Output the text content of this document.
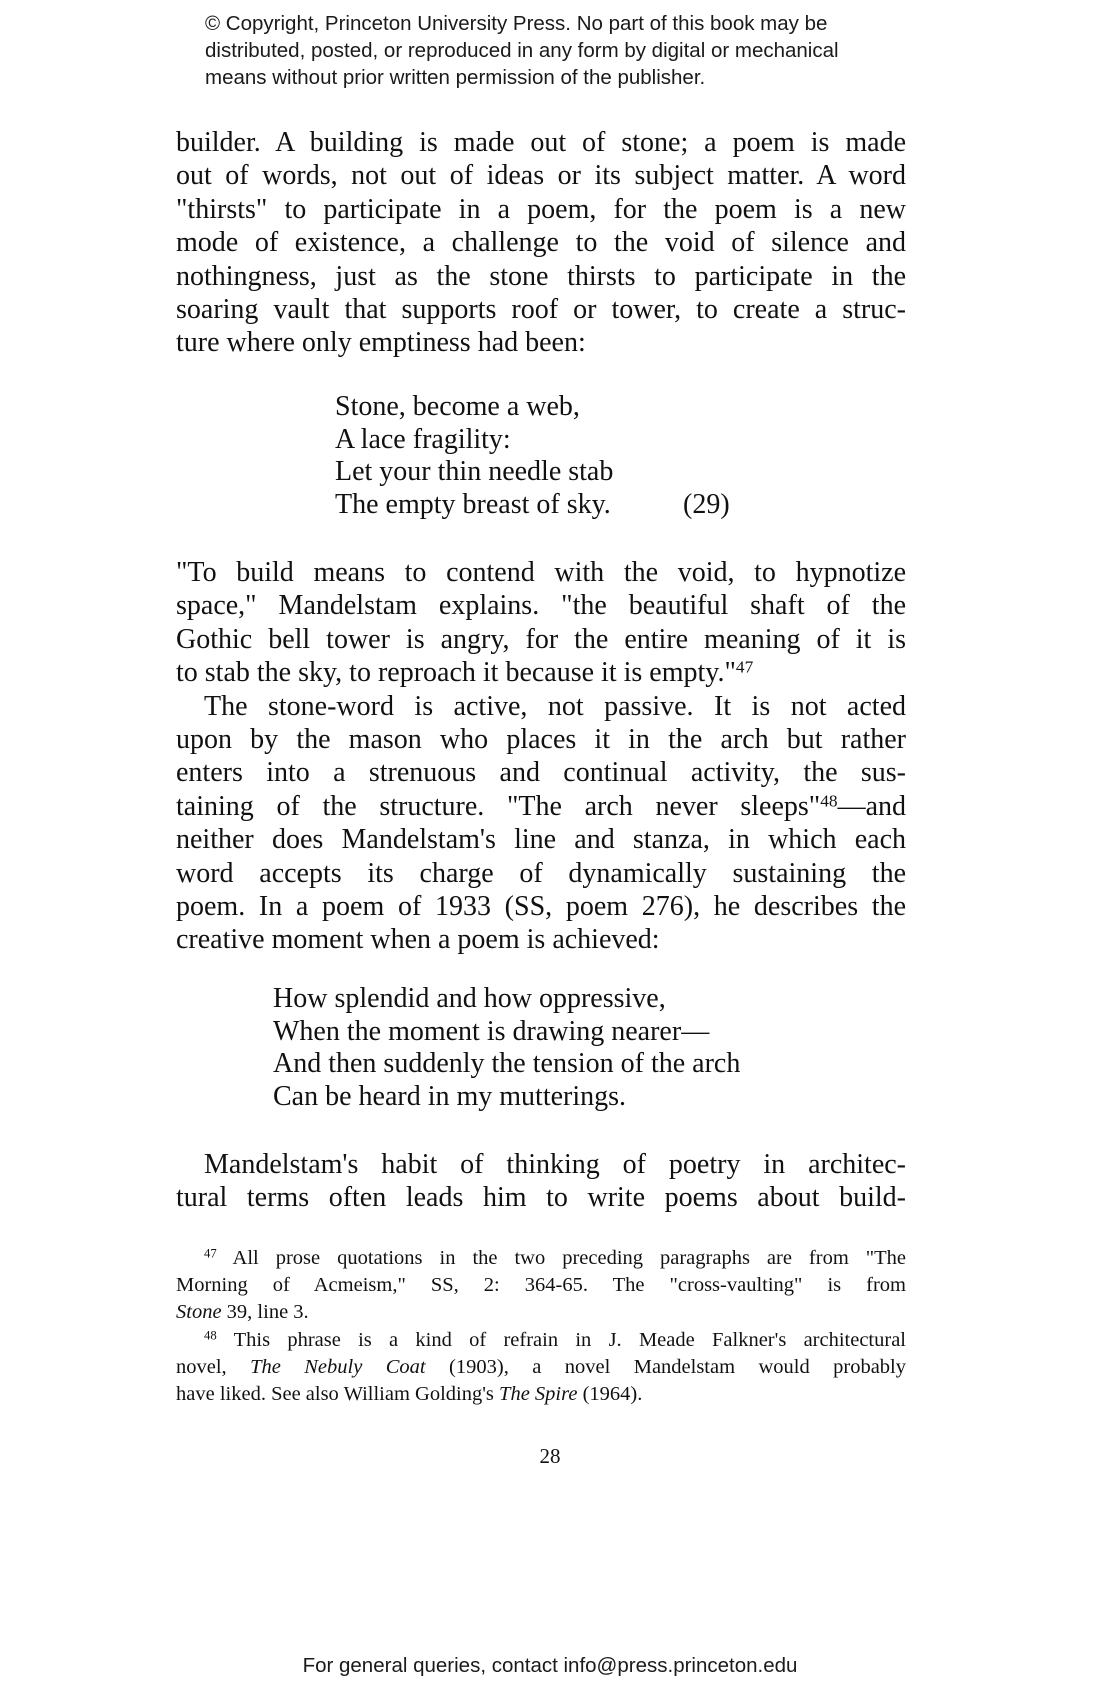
© Copyright, Princeton University Press. No part of this book may be
distributed, posted, or reproduced in any form by digital or mechanical
means without prior written permission of the publisher.
builder. A building is made out of stone; a poem is made
out of words, not out of ideas or its subject matter. A word
"thirsts" to participate in a poem, for the poem is a new
mode of existence, a challenge to the void of silence and
nothingness, just as the stone thirsts to participate in the
soaring vault that supports roof or tower, to create a struc-
ture where only emptiness had been:
Stone, become a web,
A lace fragility:
Let your thin needle stab
The empty breast of sky.	(29)
"To build means to contend with the void, to hypnotize
space," Mandelstam explains. "the beautiful shaft of the
Gothic bell tower is angry, for the entire meaning of it is
to stab the sky, to reproach it because it is empty."$^{47}$
The stone-word is active, not passive. It is not acted
upon by the mason who places it in the arch but rather
enters into a strenuous and continual activity, the sus-
taining of the structure. "The arch never sleeps"$^{48}$—and
neither does Mandelstam's line and stanza, in which each
word accepts its charge of dynamically sustaining the
poem. In a poem of 1933 (SS, poem 276), he describes the
creative moment when a poem is achieved:
How splendid and how oppressive,
When the moment is drawing nearer—
And then suddenly the tension of the arch
Can be heard in my mutterings.
Mandelstam's habit of thinking of poetry in architec-
tural terms often leads him to write poems about build-
$^{47}$ All prose quotations in the two preceding paragraphs are from "The
Morning of Acmeism," SS, 2: 364-65. The "cross-vaulting" is from
Stone 39, line 3.
$^{48}$ This phrase is a kind of refrain in J. Meade Falkner's architectural
novel, The Nebuly Coat (1903), a novel Mandelstam would probably
have liked. See also William Golding's The Spire (1964).
28
For general queries, contact info@press.princeton.edu
